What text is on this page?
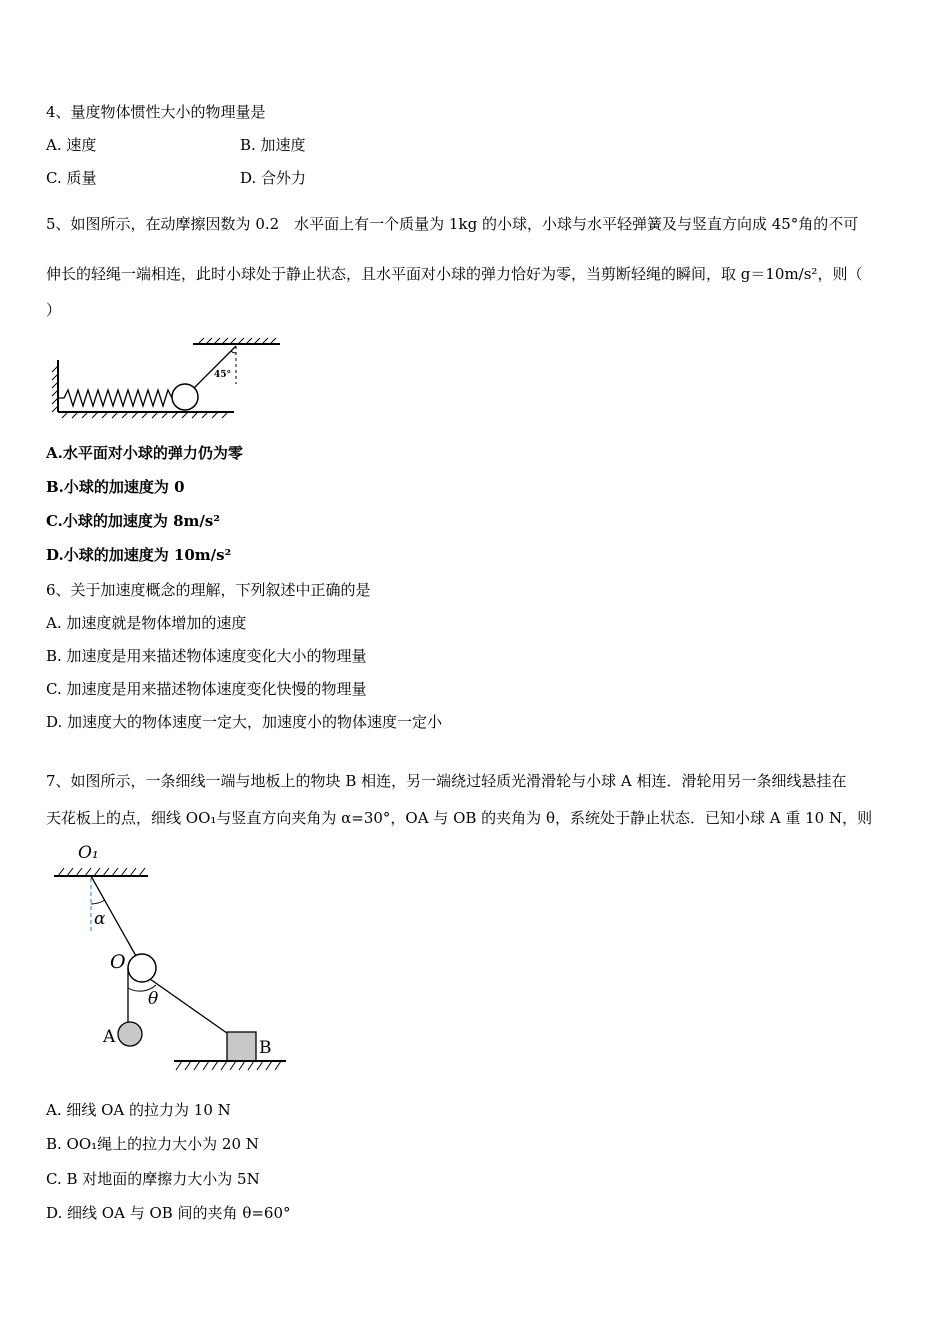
4、量度物体惯性大小的物理量是
A. 速度	B. 加速度
C. 质量	D. 合外力
5、如图所示，在动摩擦因数为 0.2　水平面上有一个质量为 1kg 的小球，小球与水平轻弹簧及与竖直方向成 45°角的不可
伸长的轻绳一端相连，此时小球处于静止状态，且水平面对小球的弹力恰好为零，当剪断轻绳的瞬间，取 g＝10m/s²，则（
）
45°
A.水平面对小球的弹力仍为零
B.小球的加速度为 0
C.小球的加速度为 8m/s²
D.小球的加速度为 10m/s²
6、关于加速度概念的理解，下列叙述中正确的是
A. 加速度就是物体增加的速度
B. 加速度是用来描述物体速度变化大小的物理量
C. 加速度是用来描述物体速度变化快慢的物理量
D. 加速度大的物体速度一定大，加速度小的物体速度一定小
7、如图所示，一条细线一端与地板上的物块 B 相连，另一端绕过轻质光滑滑轮与小球 A 相连．滑轮用另一条细线悬挂在
天花板上的点，细线 OO₁与竖直方向夹角为 α=30°，OA 与 OB 的夹角为 θ，系统处于静止状态．已知小球 A 重 10 N，则
O₁
α
O
θ
A
B
A. 细线 OA 的拉力为 10 N
B. OO₁绳上的拉力大小为 20 N
C. B 对地面的摩擦力大小为 5N
D. 细线 OA 与 OB 间的夹角 θ=60°
